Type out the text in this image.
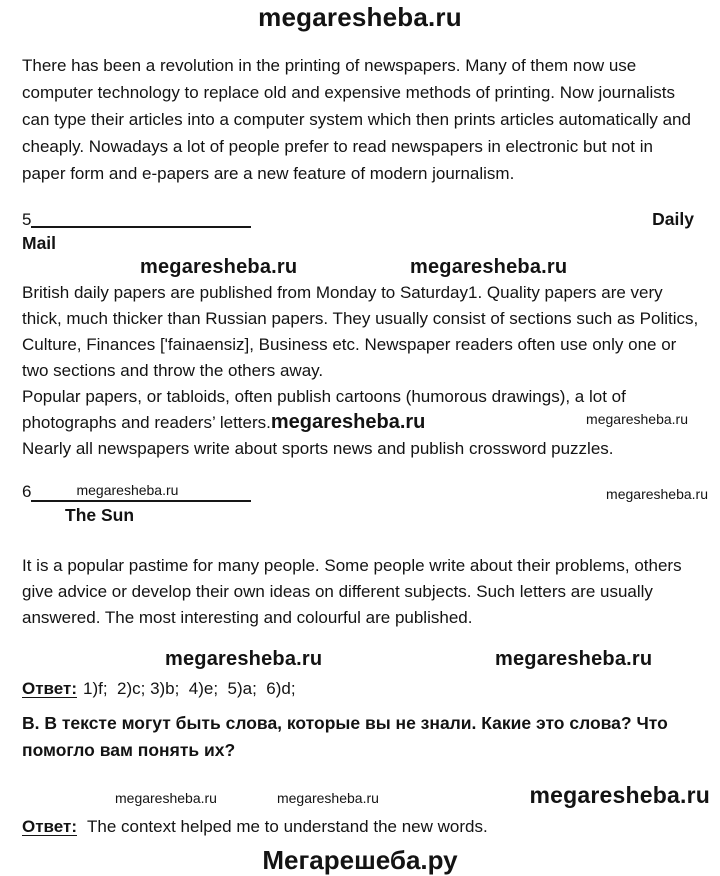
megaresheba.ru

There has been a revolution in the printing of newspapers. Many of them now use computer technology to replace old and expensive methods of printing. Now journalists can type their articles into a computer system which then prints articles automatically and cheaply. Nowadays a lot of people prefer to read newspapers in electronic but not in paper form and e-papers are a new feature of modern journalism.

5	Daily
Mail
megaresheba.ru	megaresheba.ru

British daily papers are published from Monday to Saturday1. Quality papers are very thick, much thicker than Russian papers. They usually consist of sections such as Politics, Culture, Finances ['fainaensiz], Business etc. Newspaper readers often use only one or two sections and throw the others away.

Popular papers, or tabloids, often publish cartoons (humorous drawings), a lot of photographs and readers’ letters.megaresheba.ru	megaresheba.ru

Nearly all newspapers write about sports news and publish crossword puzzles.

6	megaresheba.ru	megaresheba.ru
The Sun

It is a popular pastime for many people. Some people write about their problems, others give advice or develop their own ideas on different subjects. Such letters are usually answered. The most interesting and colourful are published.

megaresheba.ru	megaresheba.ru
Ответ: 1)f;  2)c; 3)b;  4)e;  5)a;  6)d;

В. В тексте могут быть слова, которые вы не знали. Какие это слова? Что помогло вам понять их?

megaresheba.ru	megaresheba.ru	megaresheba.ru
Ответ: The context helped me to understand the new words.
Мегарешеба.ру
